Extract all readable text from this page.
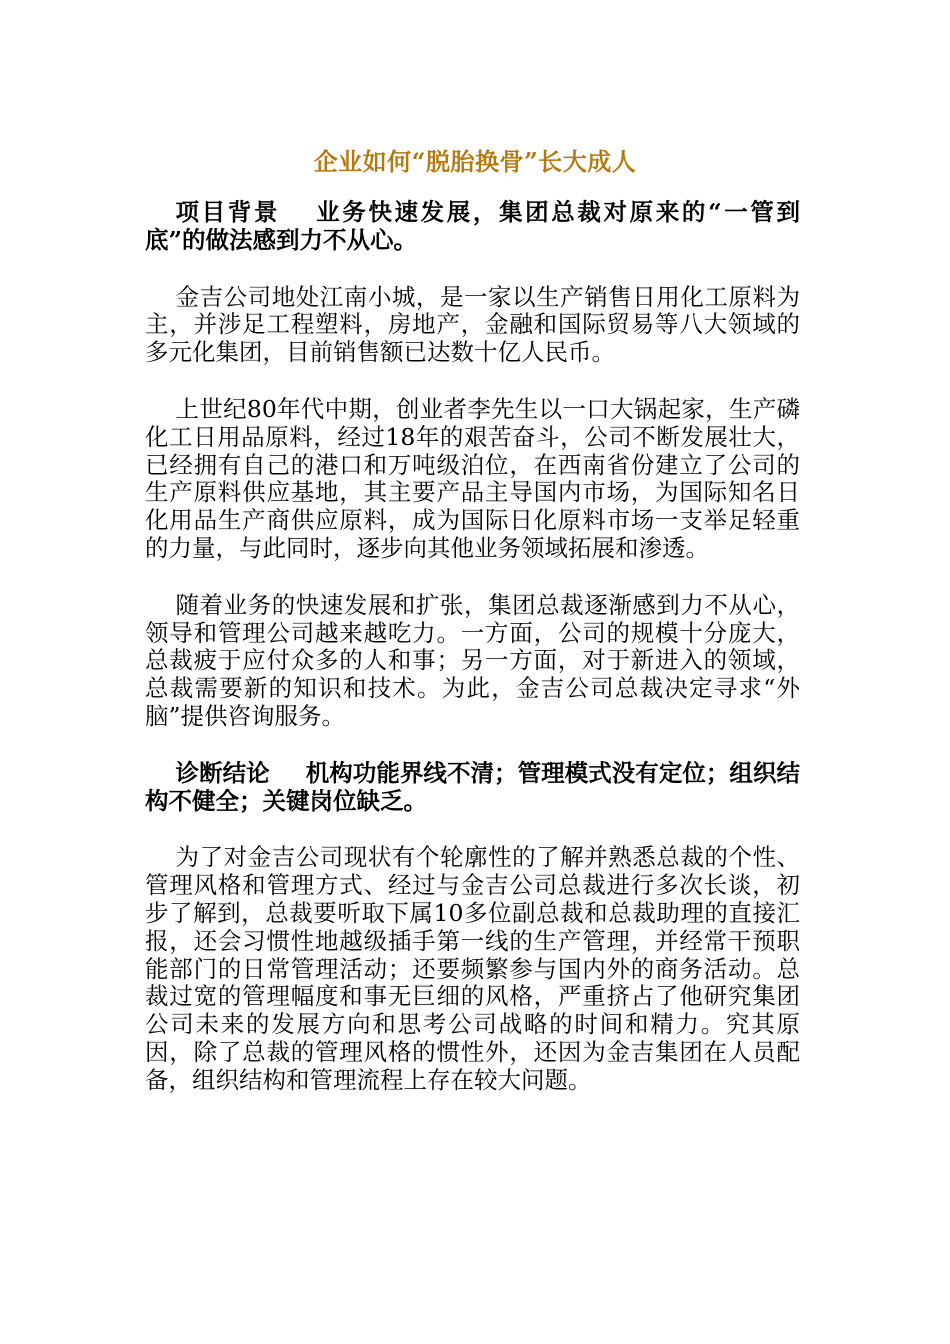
企业如何“脱胎换骨”长大成人

项目背景 业务快速发展，集团总裁对原来的“一管到底”的做法感到力不从心。

金吉公司地处江南小城，是一家以生产销售日用化工原料为主，并涉足工程塑料，房地产，金融和国际贸易等八大领域的多元化集团，目前销售额已达数十亿人民币。

上世纪80年代中期，创业者李先生以一口大锅起家，生产磷化工日用品原料，经过18年的艰苦奋斗，公司不断发展壮大，已经拥有自己的港口和万吨级泊位，在西南省份建立了公司的生产原料供应基地，其主要产品主导国内市场，为国际知名日化用品生产商供应原料，成为国际日化原料市场一支举足轻重的力量，与此同时，逐步向其他业务领域拓展和渗透。

随着业务的快速发展和扩张，集团总裁逐渐感到力不从心，领导和管理公司越来越吃力。一方面，公司的规模十分庞大，总裁疲于应付众多的人和事；另一方面，对于新进入的领域，总裁需要新的知识和技术。为此，金吉公司总裁决定寻求“外脑”提供咨询服务。

诊断结论 机构功能界线不清；管理模式没有定位；组织结构不健全；关键岗位缺乏。

为了对金吉公司现状有个轮廓性的了解并熟悉总裁的个性、管理风格和管理方式、经过与金吉公司总裁进行多次长谈，初步了解到，总裁要听取下属10多位副总裁和总裁助理的直接汇报，还会习惯性地越级插手第一线的生产管理，并经常干预职能部门的日常管理活动；还要频繁参与国内外的商务活动。总裁过宽的管理幅度和事无巨细的风格，严重挤占了他研究集团公司未来的发展方向和思考公司战略的时间和精力。究其原因，除了总裁的管理风格的惯性外，还因为金吉集团在人员配备，组织结构和管理流程上存在较大问题。
